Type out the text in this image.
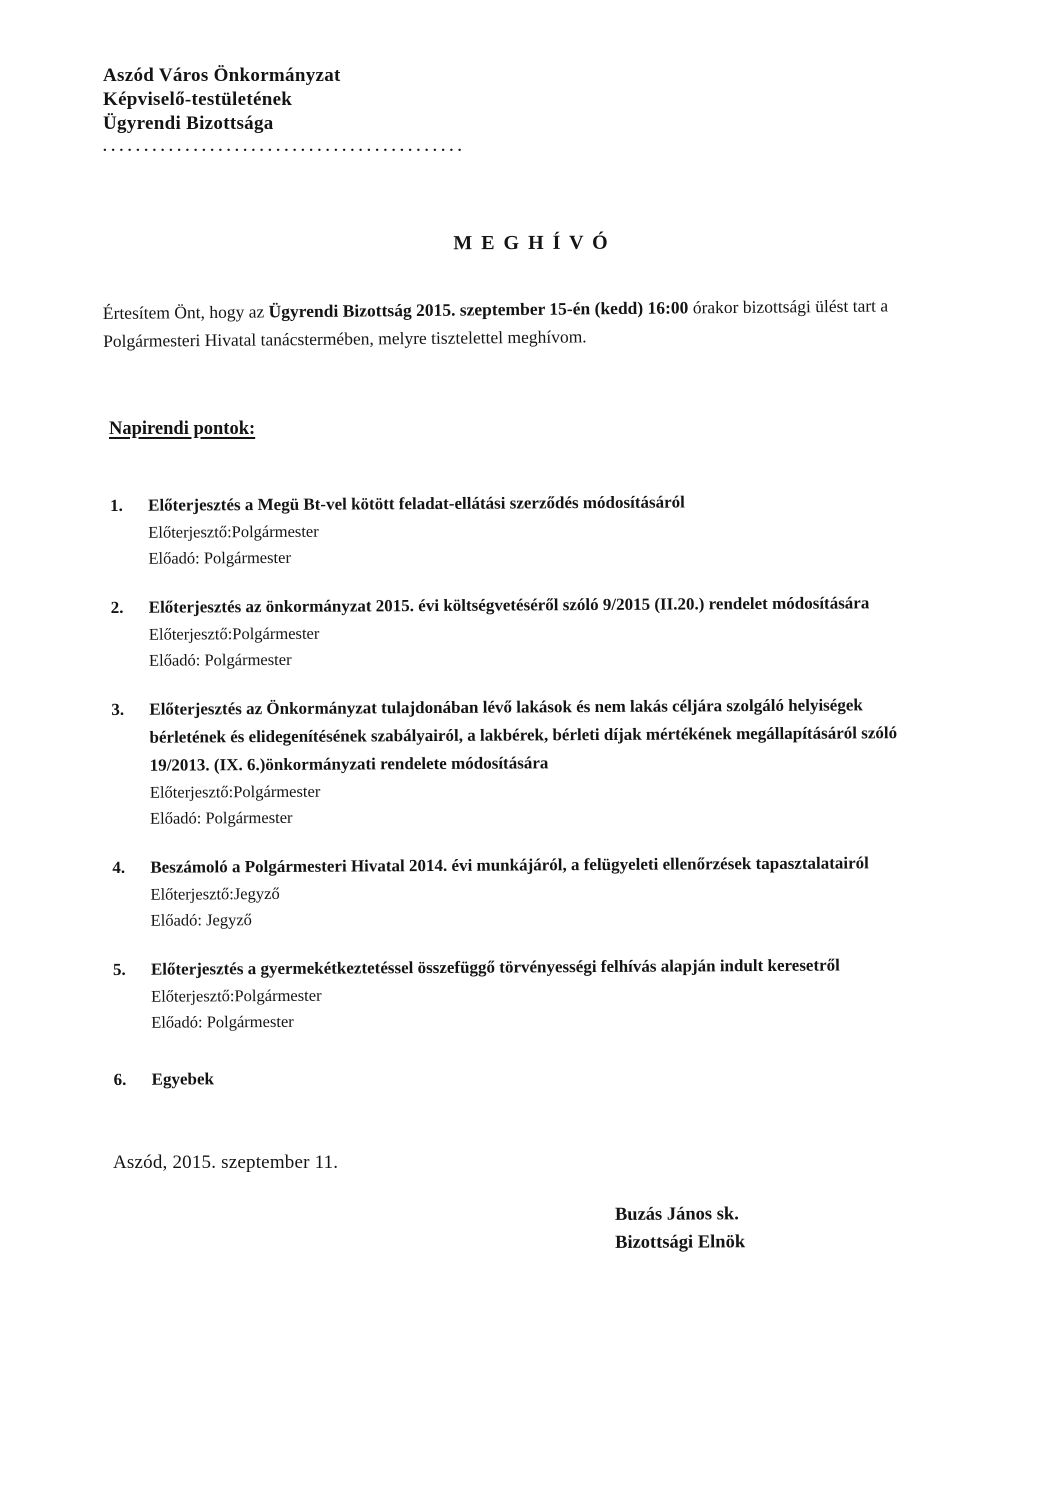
Aszód Város Önkormányzat
Képviselő-testületének
Ügyrendi Bizottsága
............................................
M E G H Í V Ó

Értesítem Önt, hogy az Ügyrendi Bizottság 2015. szeptember 15-én (kedd) 16:00 órakor bizottsági ülést tart a Polgármesteri Hivatal tanácstermében, melyre tisztelettel meghívom.

Napirendi pontok:
1.	Előterjesztés a Megü Bt-vel kötött feladat-ellátási szerződés módosításáról
Előterjesztő:Polgármester
Előadó: Polgármester
2.	Előterjesztés az önkormányzat 2015. évi költségvetéséről szóló 9/2015 (II.20.) rendelet módosítására
Előterjesztő:Polgármester
Előadó: Polgármester
3.	Előterjesztés az Önkormányzat tulajdonában lévő lakások és nem lakás céljára szolgáló helyiségek bérletének és elidegenítésének szabályairól, a lakbérek, bérleti díjak mértékének megállapításáról szóló 19/2013. (IX. 6.)önkormányzati rendelete módosítására
Előterjesztő:Polgármester
Előadó: Polgármester
4.	Beszámoló a Polgármesteri Hivatal 2014. évi munkájáról, a felügyeleti ellenőrzések tapasztalatairól
Előterjesztő:Jegyző
Előadó: Jegyző
5.	Előterjesztés a gyermekétkeztetéssel összefüggő törvényességi felhívás alapján indult keresetről
Előterjesztő:Polgármester
Előadó: Polgármester
6.	Egyebek

Aszód, 2015. szeptember 11.

Buzás János sk.
Bizottsági Elnök
